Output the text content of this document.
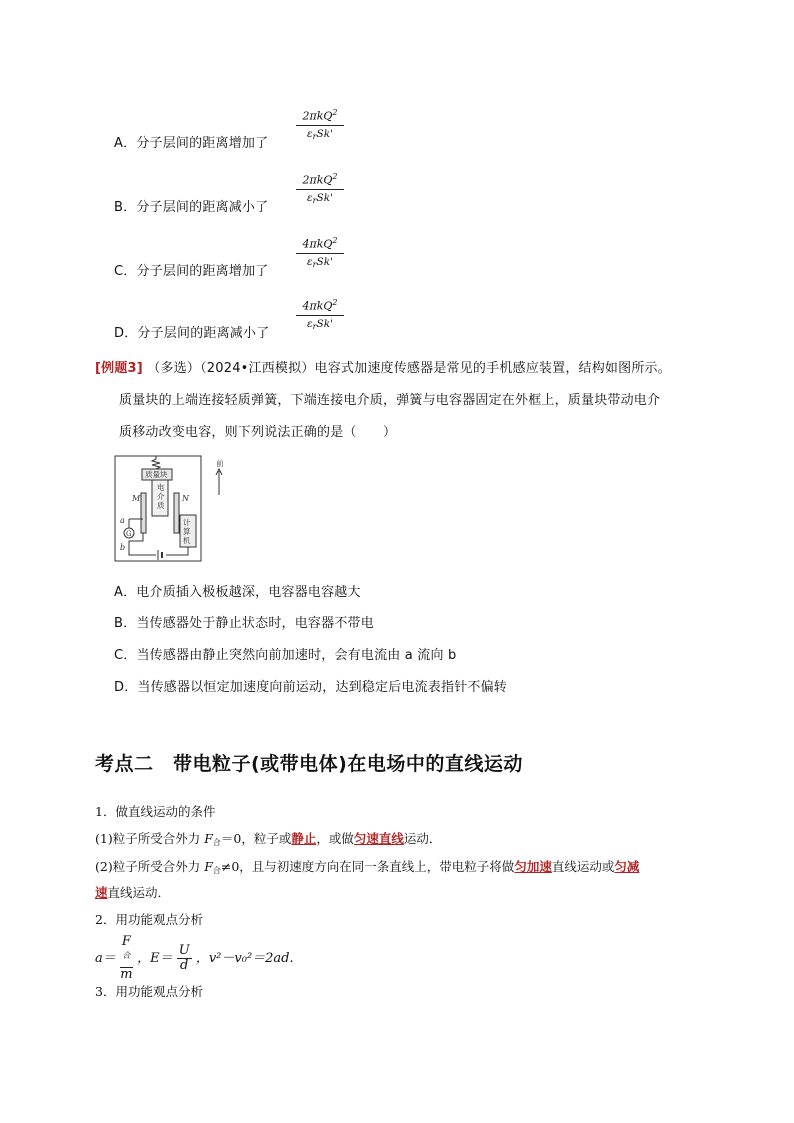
A．分子层间的距离增加了
2πkQ$^2$
$\varepsilon_rSk'$
B．分子层间的距离减小了
2πkQ$^2$
$\varepsilon_rSk'$
C．分子层间的距离增加了
4πkQ$^2$
$\varepsilon_rSk'$
D．分子层间的距离减小了
4πkQ$^2$
$\varepsilon_rSk'$
[例题3] （多选）（2024•江西模拟）电容式加速度传感器是常见的手机感应装置，结构如图所示。
质量块的上端连接轻质弹簧，下端连接电介质，弹簧与电容器固定在外框上，质量块带动电介
质移动改变电容，则下列说法正确的是（　　）
质量块
电
介
质
计
算
机
前
M	N
a
b
G
A．电介质插入极板越深，电容器电容越大
B．当传感器处于静止状态时，电容器不带电
C．当传感器由静止突然向前加速时，会有电流由 a 流向 b
D．当传感器以恒定加速度向前运动，达到稳定后电流表指针不偏转
考点二　带电粒子(或带电体)在电场中的直线运动
1．做直线运动的条件
(1)粒子所受合外力 $F_合=0$，粒子或静止，或做匀速直线运动．
(2)粒子所受合外力 $F_合\ne 0$，且与初速度方向在同一条直线上，带电粒子将做匀加速直线运动或匀减
速直线运动．
2．用功能观点分析
a＝
F
$^合$
m
，$E= \frac{U}{d}$ ，v²－v₀²＝2ad.
3．用功能观点分析
